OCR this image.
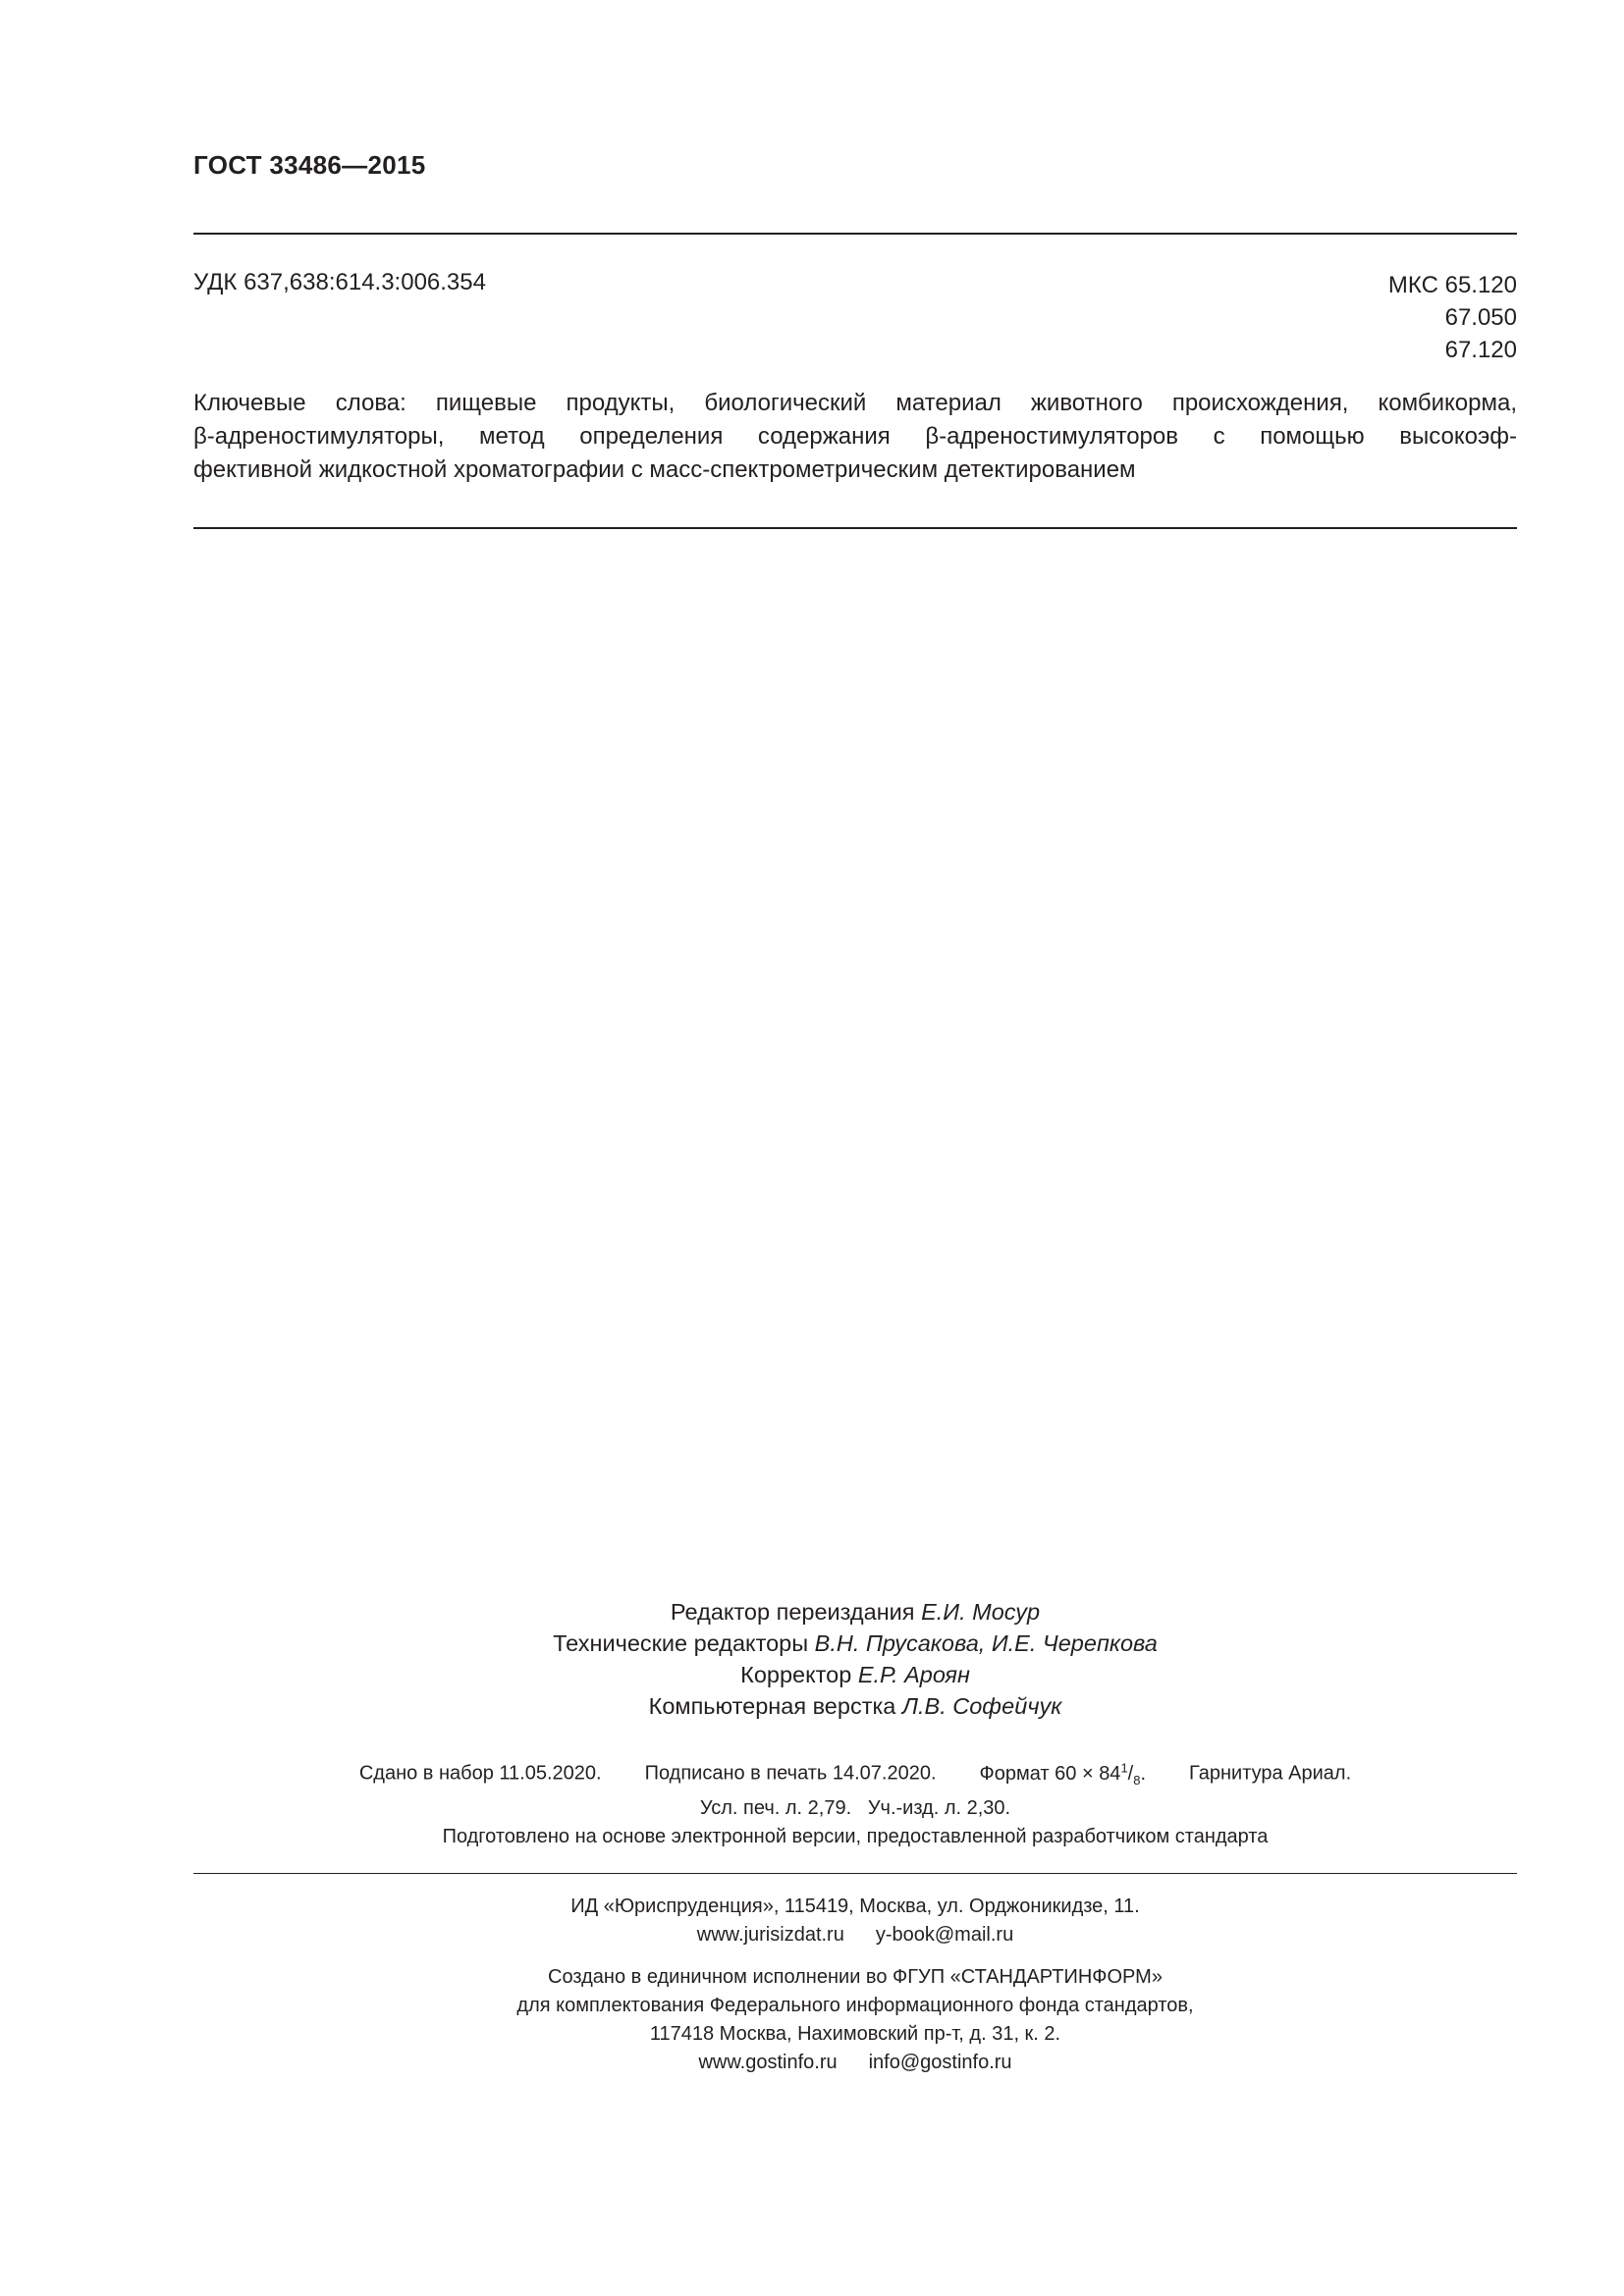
ГОСТ 33486—2015
УДК 637,638:614.3:006.354	МКС 65.120
67.050
67.120
Ключевые слова: пищевые продукты, биологический материал животного происхождения, комбикорма,
β-адреностимуляторы, метод определения содержания β-адреностимуляторов с помощью высокоэф-
фективной жидкостной хроматографии с масс-спектрометрическим детектированием
Редактор переиздания Е.И. Мосур
Технические редакторы В.Н. Прусакова, И.Е. Черепкова
Корректор Е.Р. Ароян
Компьютерная верстка Л.В. Софейчук
Сдано в набор 11.05.2020. Подписано в печать 14.07.2020. Формат $60 \times 84^1/_8$. Гарнитура Ариал.
Усл. печ. л. 2,79. Уч.-изд. л. 2,30.
Подготовлено на основе электронной версии, предоставленной разработчиком стандарта
ИД «Юриспруденция», 115419, Москва, ул. Орджоникидзе, 11.
www.jurisizdat.ru y-book@mail.ru
Создано в единичном исполнении во ФГУП «СТАНДАРТИНФОРМ»
для комплектования Федерального информационного фонда стандартов,
117418 Москва, Нахимовский пр-т, д. 31, к. 2.
www.gostinfo.ru info@gostinfo.ru
